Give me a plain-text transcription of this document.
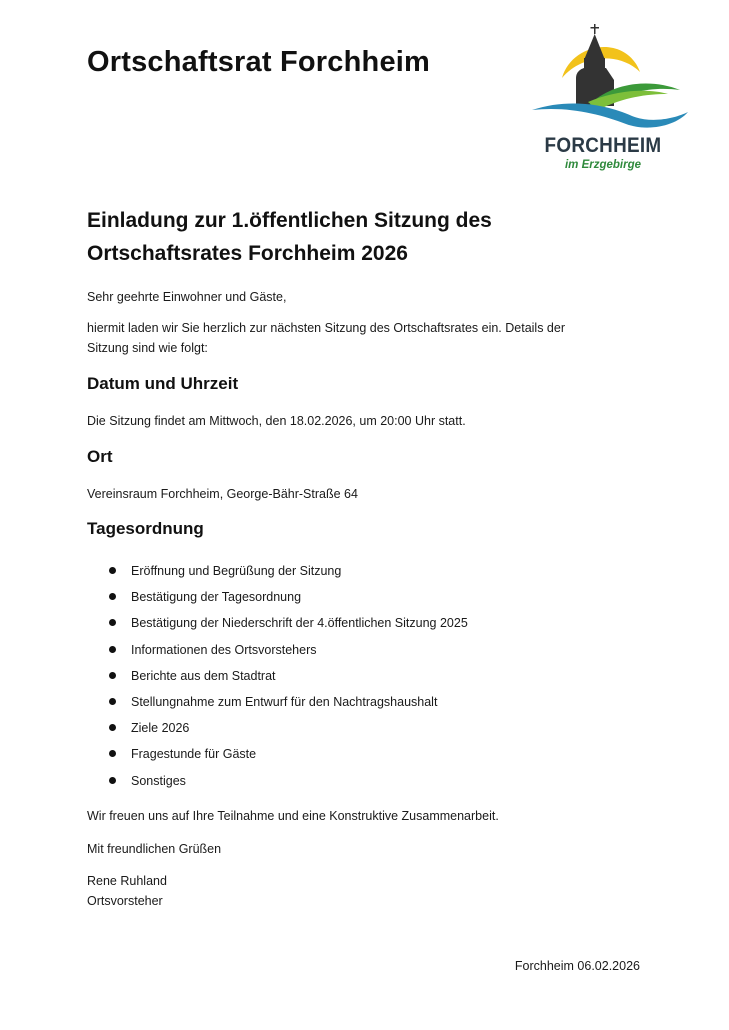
Ortschaftsrat Forchheim
FORCHHEIM
im Erzgebirge
Einladung zur 1.öffentlichen Sitzung des
Ortschaftsrates Forchheim 2026

Sehr geehrte Einwohner und Gäste,

hiermit laden wir Sie herzlich zur nächsten Sitzung des Ortschaftsrates ein. Details der
Sitzung sind wie folgt:

Datum und Uhrzeit

Die Sitzung findet am Mittwoch, den 18.02.2026, um 20:00 Uhr statt.

Ort

Vereinsraum Forchheim, George-Bähr-Straße 64

Tagesordnung
Eröffnung und Begrüßung der Sitzung
Bestätigung der Tagesordnung
Bestätigung der Niederschrift der 4.öffentlichen Sitzung 2025
Informationen des Ortsvorstehers
Berichte aus dem Stadtrat
Stellungnahme zum Entwurf für den Nachtragshaushalt
Ziele 2026
Fragestunde für Gäste
Sonstiges

Wir freuen uns auf Ihre Teilnahme und eine Konstruktive Zusammenarbeit.

Mit freundlichen Grüßen

Rene Ruhland
Ortsvorsteher

Forchheim 06.02.2026
